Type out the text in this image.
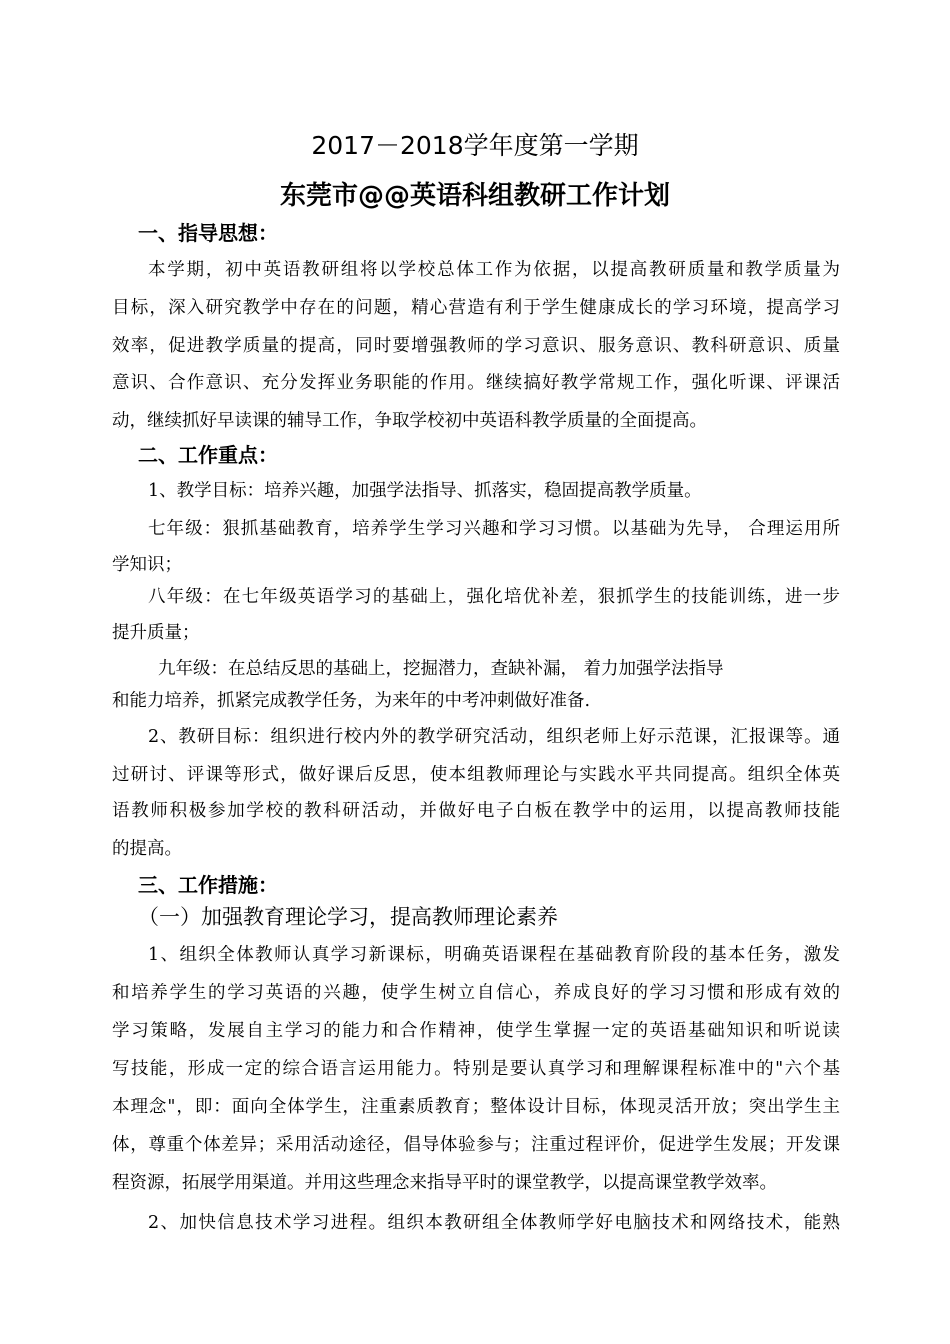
2017－2018学年度第一学期
东莞市@@英语科组教研工作计划
一、指导思想：
本学期，初中英语教研组将以学校总体工作为依据，以提高教研质量和教学质量为
目标，深入研究教学中存在的问题，精心营造有利于学生健康成长的学习环境，提高学习
效率，促进教学质量的提高，同时要增强教师的学习意识、服务意识、教科研意识、质量
意识、合作意识、充分发挥业务职能的作用。继续搞好教学常规工作，强化听课、评课活
动，继续抓好早读课的辅导工作，争取学校初中英语科教学质量的全面提高。
二、工作重点：
1、教学目标：培养兴趣，加强学法指导、抓落实，稳固提高教学质量。
七年级：狠抓基础教育，培养学生学习兴趣和学习习惯。以基础为先导， 合理运用所
学知识；
八年级：在七年级英语学习的基础上，强化培优补差，狠抓学生的技能训练，进一步
提升质量；
九年级：在总结反思的基础上，挖掘潜力，查缺补漏， 着力加强学法指导
和能力培养，抓紧完成教学任务，为来年的中考冲刺做好准备.
2、教研目标：组织进行校内外的教学研究活动，组织老师上好示范课，汇报课等。通
过研讨、评课等形式，做好课后反思，使本组教师理论与实践水平共同提高。组织全体英
语教师积极参加学校的教科研活动，并做好电子白板在教学中的运用，以提高教师技能
的提高。
三、工作措施：
（一）加强教育理论学习，提高教师理论素养
1、组织全体教师认真学习新课标，明确英语课程在基础教育阶段的基本任务，激发
和培养学生的学习英语的兴趣，使学生树立自信心，养成良好的学习习惯和形成有效的
学习策略，发展自主学习的能力和合作精神，使学生掌握一定的英语基础知识和听说读
写技能，形成一定的综合语言运用能力。特别是要认真学习和理解课程标准中的"六个基
本理念"，即：面向全体学生，注重素质教育；整体设计目标，体现灵活开放；突出学生主
体，尊重个体差异；采用活动途径，倡导体验参与；注重过程评价，促进学生发展；开发课
程资源，拓展学用渠道。并用这些理念来指导平时的课堂教学，以提高课堂教学效率。
2、加快信息技术学习进程。组织本教研组全体教师学好电脑技术和网络技术，能熟
